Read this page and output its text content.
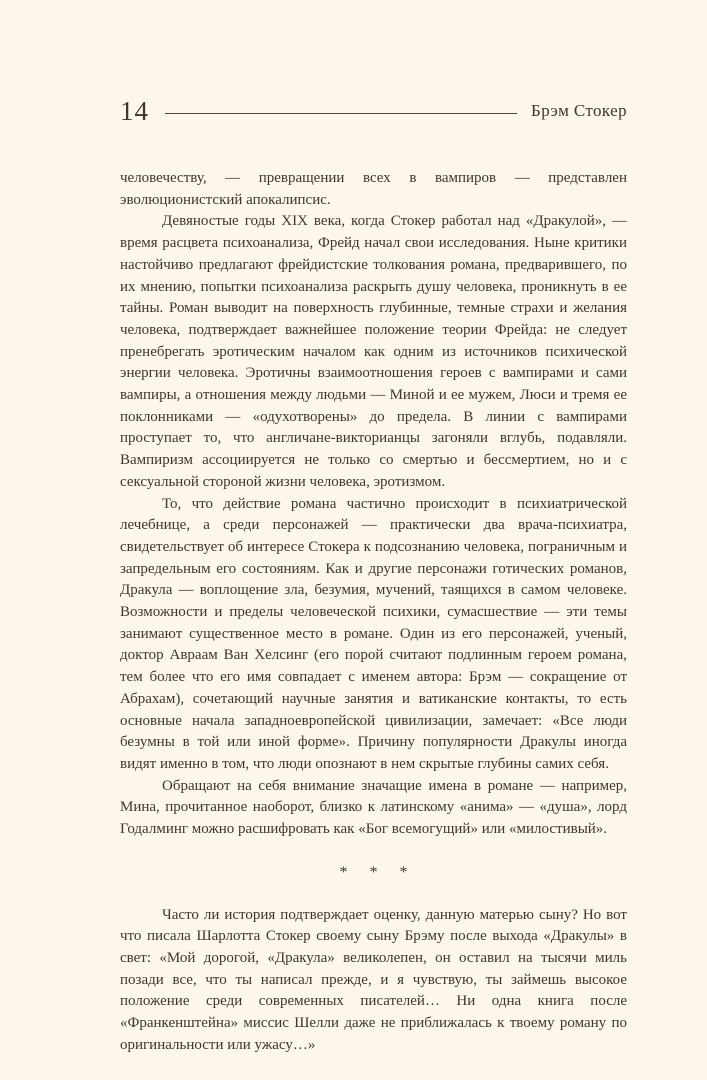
14	Брэм Стокер

человечеству, — превращении всех в вампиров — представлен эволюционистский апокалипсис.

Девяностые годы XIX века, когда Стокер работал над «Дракулой», — время расцвета психоанализа, Фрейд начал свои исследования. Ныне критики настойчиво предлагают фрейдистские толкования романа, предварившего, по их мнению, попытки психоанализа раскрыть душу человека, проникнуть в ее тайны. Роман выводит на поверхность глубинные, темные страхи и желания человека, подтверждает важнейшее положение теории Фрейда: не следует пренебрегать эротическим началом как одним из источников психической энергии человека. Эротичны взаимоотношения героев с вампирами и сами вампиры, а отношения между людьми — Миной и ее мужем, Люси и тремя ее поклонниками — «одухотворены» до предела. В линии с вампирами проступает то, что англичане-викторианцы загоняли вглубь, подавляли. Вампиризм ассоциируется не только со смертью и бессмертием, но и с сексуальной стороной жизни человека, эротизмом.

То, что действие романа частично происходит в психиатрической лечебнице, а среди персонажей — практически два врача-психиатра, свидетельствует об интересе Стокера к подсознанию человека, пограничным и запредельным его состояниям. Как и другие персонажи готических романов, Дракула — воплощение зла, безумия, мучений, таящихся в самом человеке. Возможности и пределы человеческой психики, сумасшествие — эти темы занимают существенное место в романе. Один из его персонажей, ученый, доктор Авраам Ван Хелсинг (его порой считают подлинным героем романа, тем более что его имя совпадает с именем автора: Брэм — сокращение от Абрахам), сочетающий научные занятия и ватиканские контакты, то есть основные начала западноевропейской цивилизации, замечает: «Все люди безумны в той или иной форме». Причину популярности Дракулы иногда видят именно в том, что люди опознают в нем скрытые глубины самих себя.

Обращают на себя внимание значащие имена в романе — например, Мина, прочитанное наоборот, близко к латинскому «анима» — «душа», лорд Годалминг можно расшифровать как «Бог всемогущий» или «милостивый».

* * *

Часто ли история подтверждает оценку, данную матерью сыну? Но вот что писала Шарлотта Стокер своему сыну Брэму после выхода «Дракулы» в свет: «Мой дорогой, «Дракула» великолепен, он оставил на тысячи миль позади все, что ты написал прежде, и я чувствую, ты займешь высокое положение среди современных писателей… Ни одна книга после «Франкенштейна» миссис Шелли даже не приближалась к твоему роману по оригинальности или ужасу…»
